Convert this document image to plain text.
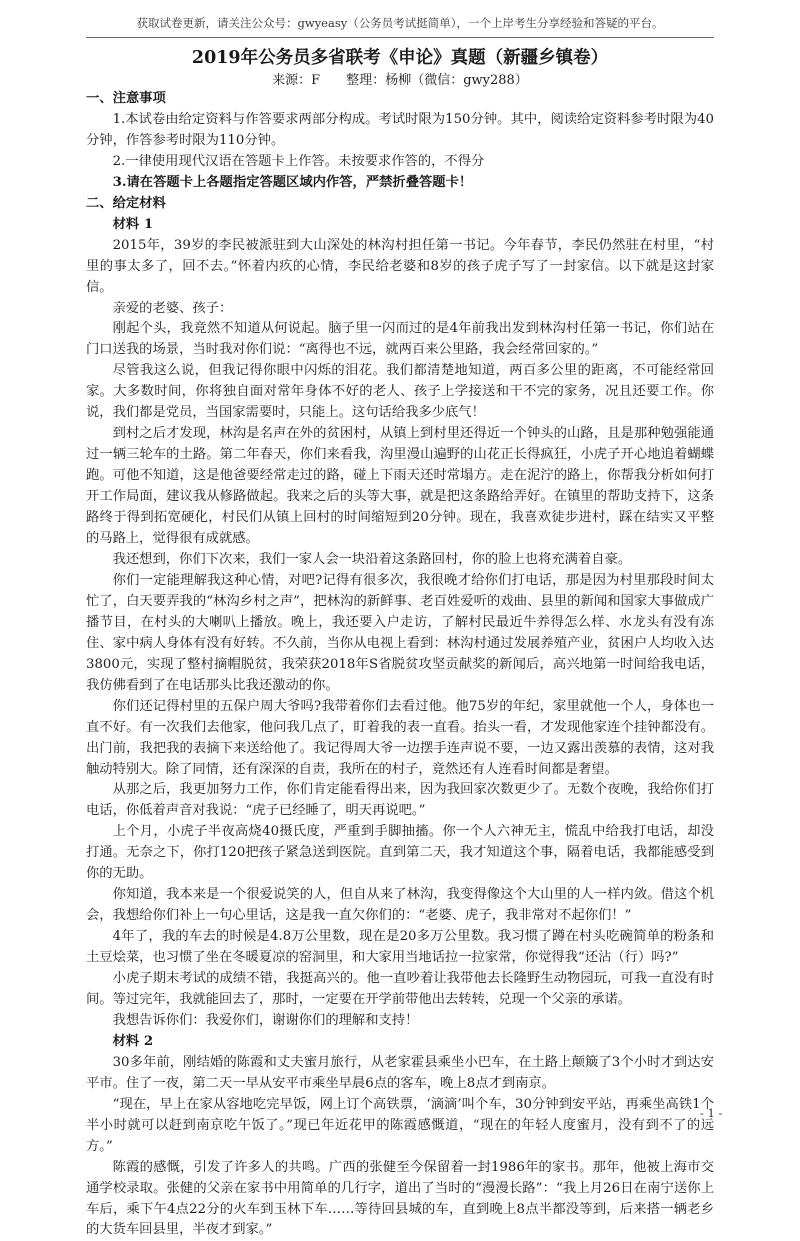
获取试卷更新，请关注公众号：gwyeasy（公务员考试挺简单），一个上岸考生分享经验和答疑的平台。
2019年公务员多省联考《申论》真题（新疆乡镇卷）
来源：F　　整理：杨柳（微信：gwy288）

一、注意事项

1.本试卷由给定资料与作答要求两部分构成。考试时限为150分钟。其中，阅读给定资料参考时限为40分钟，作答参考时限为110分钟。

2.一律使用现代汉语在答题卡上作答。未按要求作答的，不得分

3.请在答题卡上各题指定答题区域内作答，严禁折叠答题卡！

二、给定材料

材料 1

2015年，39岁的李民被派驻到大山深处的林沟村担任第一书记。今年春节，李民仍然驻在村里，“村里的事太多了，回不去。”怀着内疚的心情，李民给老婆和8岁的孩子虎子写了一封家信。以下就是这封家信。

亲爱的老婆、孩子：

刚起个头，我竟然不知道从何说起。脑子里一闪而过的是4年前我出发到林沟村任第一书记，你们站在门口送我的场景，当时我对你们说：“离得也不远，就两百来公里路，我会经常回家的。”

尽管我这么说，但我记得你眼中闪烁的泪花。我们都清楚地知道，两百多公里的距离，不可能经常回家。大多数时间，你将独自面对常年身体不好的老人、孩子上学接送和干不完的家务，况且还要工作。你说，我们都是党员，当国家需要时，只能上。这句话给我多少底气！

到村之后才发现，林沟是名声在外的贫困村，从镇上到村里还得近一个钟头的山路，且是那种勉强能通过一辆三轮车的土路。第二年春天，你们来看我，沟里漫山遍野的山花正长得疯狂，小虎子开心地追着蝴蝶跑。可他不知道，这是他爸要经常走过的路，碰上下雨天还时常塌方。走在泥泞的路上，你帮我分析如何打开工作局面，建议我从修路做起。我来之后的头等大事，就是把这条路给弄好。在镇里的帮助支持下，这条路终于得到拓宽硬化，村民们从镇上回村的时间缩短到20分钟。现在，我喜欢徒步进村，踩在结实又平整的马路上，觉得很有成就感。

我还想到，你们下次来，我们一家人会一块沿着这条路回村，你的脸上也将充满着自豪。

你们一定能理解我这种心情，对吧?记得有很多次，我很晚才给你们打电话，那是因为村里那段时间太忙了，白天要弄我的“林沟乡村之声”，把林沟的新鲜事、老百姓爱听的戏曲、县里的新闻和国家大事做成广播节目，在村头的大喇叭上播放。晚上，我还要入户走访，了解村民最近牛养得怎么样、水龙头有没有冻住、家中病人身体有没有好转。不久前，当你从电视上看到：林沟村通过发展养殖产业，贫困户人均收入达3800元，实现了整村摘帽脱贫，我荣获2018年S省脱贫攻坚贡献奖的新闻后，高兴地第一时间给我电话，我仿佛看到了在电话那头比我还激动的你。

你们还记得村里的五保户周大爷吗?我带着你们去看过他。他75岁的年纪，家里就他一个人，身体也一直不好。有一次我们去他家，他问我几点了，盯着我的表一直看。抬头一看，才发现他家连个挂钟都没有。出门前，我把我的表摘下来送给他了。我记得周大爷一边摆手连声说不要，一边又露出羡慕的表情，这对我触动特别大。除了同情，还有深深的自责，我所在的村子，竟然还有人连看时间都是奢望。

从那之后，我更加努力工作，你们肯定能看得出来，因为我回家次数更少了。无数个夜晚，我给你们打电话，你低着声音对我说：“虎子已经睡了，明天再说吧。”

上个月，小虎子半夜高烧40摄氏度，严重到手脚抽搐。你一个人六神无主，慌乱中给我打电话，却没打通。无奈之下，你打120把孩子紧急送到医院。直到第二天，我才知道这个事，隔着电话，我都能感受到你的无助。

你知道，我本来是一个很爱说笑的人，但自从来了林沟，我变得像这个大山里的人一样内敛。借这个机会，我想给你们补上一句心里话，这是我一直欠你们的：“老婆、虎子，我非常对不起你们！”

4年了，我的车去的时候是4.8万公里数，现在是20多万公里数。我习惯了蹲在村头吃碗简单的粉条和土豆烩菜，也习惯了坐在冬暖夏凉的窑洞里，和大家用当地话拉一拉家常，你觉得我“还沾（行）吗?”

小虎子期末考试的成绩不错，我挺高兴的。他一直吵着让我带他去长隆野生动物园玩，可我一直没有时间。等过完年，我就能回去了，那时，一定要在开学前带他出去转转，兑现一个父亲的承诺。

我想告诉你们：我爱你们，谢谢你们的理解和支持！

材料 2

30多年前，刚结婚的陈霞和丈夫蜜月旅行，从老家霍县乘坐小巴车，在土路上颠簸了3个小时才到达安平市。住了一夜，第二天一早从安平市乘坐早晨6点的客车，晚上8点才到南京。

“现在，早上在家从容地吃完早饭，网上订个高铁票，‘滴滴’叫个车，30分钟到安平站，再乘坐高铁1个半小时就可以赶到南京吃午饭了。”现已年近花甲的陈霞感慨道，“现在的年轻人度蜜月，没有到不了的远方。”

陈霞的感慨，引发了许多人的共鸣。广西的张健至今保留着一封1986年的家书。那年，他被上海市交通学校录取。张健的父亲在家书中用简单的几行字，道出了当时的“漫漫长路”：“我上月26日在南宁送你上车后，乘下午4点22分的火车到玉林下车……等待回县城的车，直到晚上8点半都没等到，后来搭一辆老乡的大货车回县里，半夜才到家。”

- 1 -
